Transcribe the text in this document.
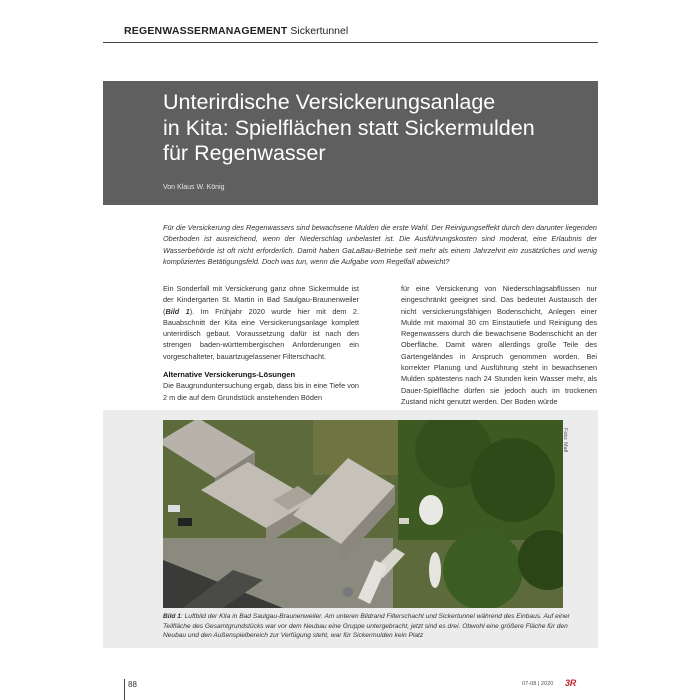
REGENWASSERMANAGEMENT Sickertunnel
Unterirdische Versickerungsanlage
in Kita: Spielflächen statt Sickermulden
für Regenwasser
Von Klaus W. König

Für die Versickerung des Regenwassers sind bewachsene Mulden die erste Wahl. Der Reinigungseffekt durch den darunter liegenden Oberboden ist ausreichend, wenn der Niederschlag unbelastet ist. Die Ausführungskosten sind moderat, eine Erlaubnis der Wasserbehörde ist oft nicht erforderlich. Damit haben GaLaBau-Betriebe seit mehr als einem Jahrzehnt ein zusätzliches und wenig kompliziertes Betätigungsfeld. Doch was tun, wenn die Aufgabe vom Regelfall abweicht?

Ein Sonderfall mit Versickerung ganz ohne Sickermulde ist der Kindergarten St. Martin in Bad Saulgau-Braunenweiler (Bild 1). Im Frühjahr 2020 wurde hier mit dem 2. Bauabschnitt der Kita eine Versickerungsanlage komplett unterirdisch gebaut. Voraussetzung dafür ist nach den strengen baden-württembergischen Anforderungen ein vorgeschalteter, bauartzugelassener Filterschacht.

Alternative Versickerungs-Lösungen

Die Baugrunduntersuchung ergab, dass bis in eine Tiefe von 2 m die auf dem Grundstück anstehenden Böden

für eine Versickerung von Niederschlagsabflüssen nur eingeschränkt geeignet sind. Das bedeutet Austausch der nicht versickerungsfähigen Bodenschicht, Anlegen einer Mulde mit maximal 30 cm Einstautiefe und Reinigung des Regenwassers durch die bewachsene Bodenschicht an der Oberfläche. Damit wären allerdings große Teile des Gartengeländes in Anspruch genommen worden. Bei korrekter Planung und Ausführung steht in bewachsenen Mulden spätestens nach 24 Stunden kein Wasser mehr, als Dauer-Spielfläche dürfen sie jedoch auch im trockenen Zustand nicht genutzt werden. Der Boden würde

Foto: Mall

Bild 1: Luftbild der Kita in Bad Saulgau-Braunenweiler. Am unteren Bildrand Filterschacht und Sickertunnel während des Einbaus. Auf einer Teilfläche des Gesamtgrundstücks war vor dem Neubau eine Gruppe untergebracht, jetzt sind es drei. Obwohl eine größere Fläche für den Neubau und den Außenspielbereich zur Verfügung steht, war für Sickermulden kein Platz

88	07-08 | 2020 3R
